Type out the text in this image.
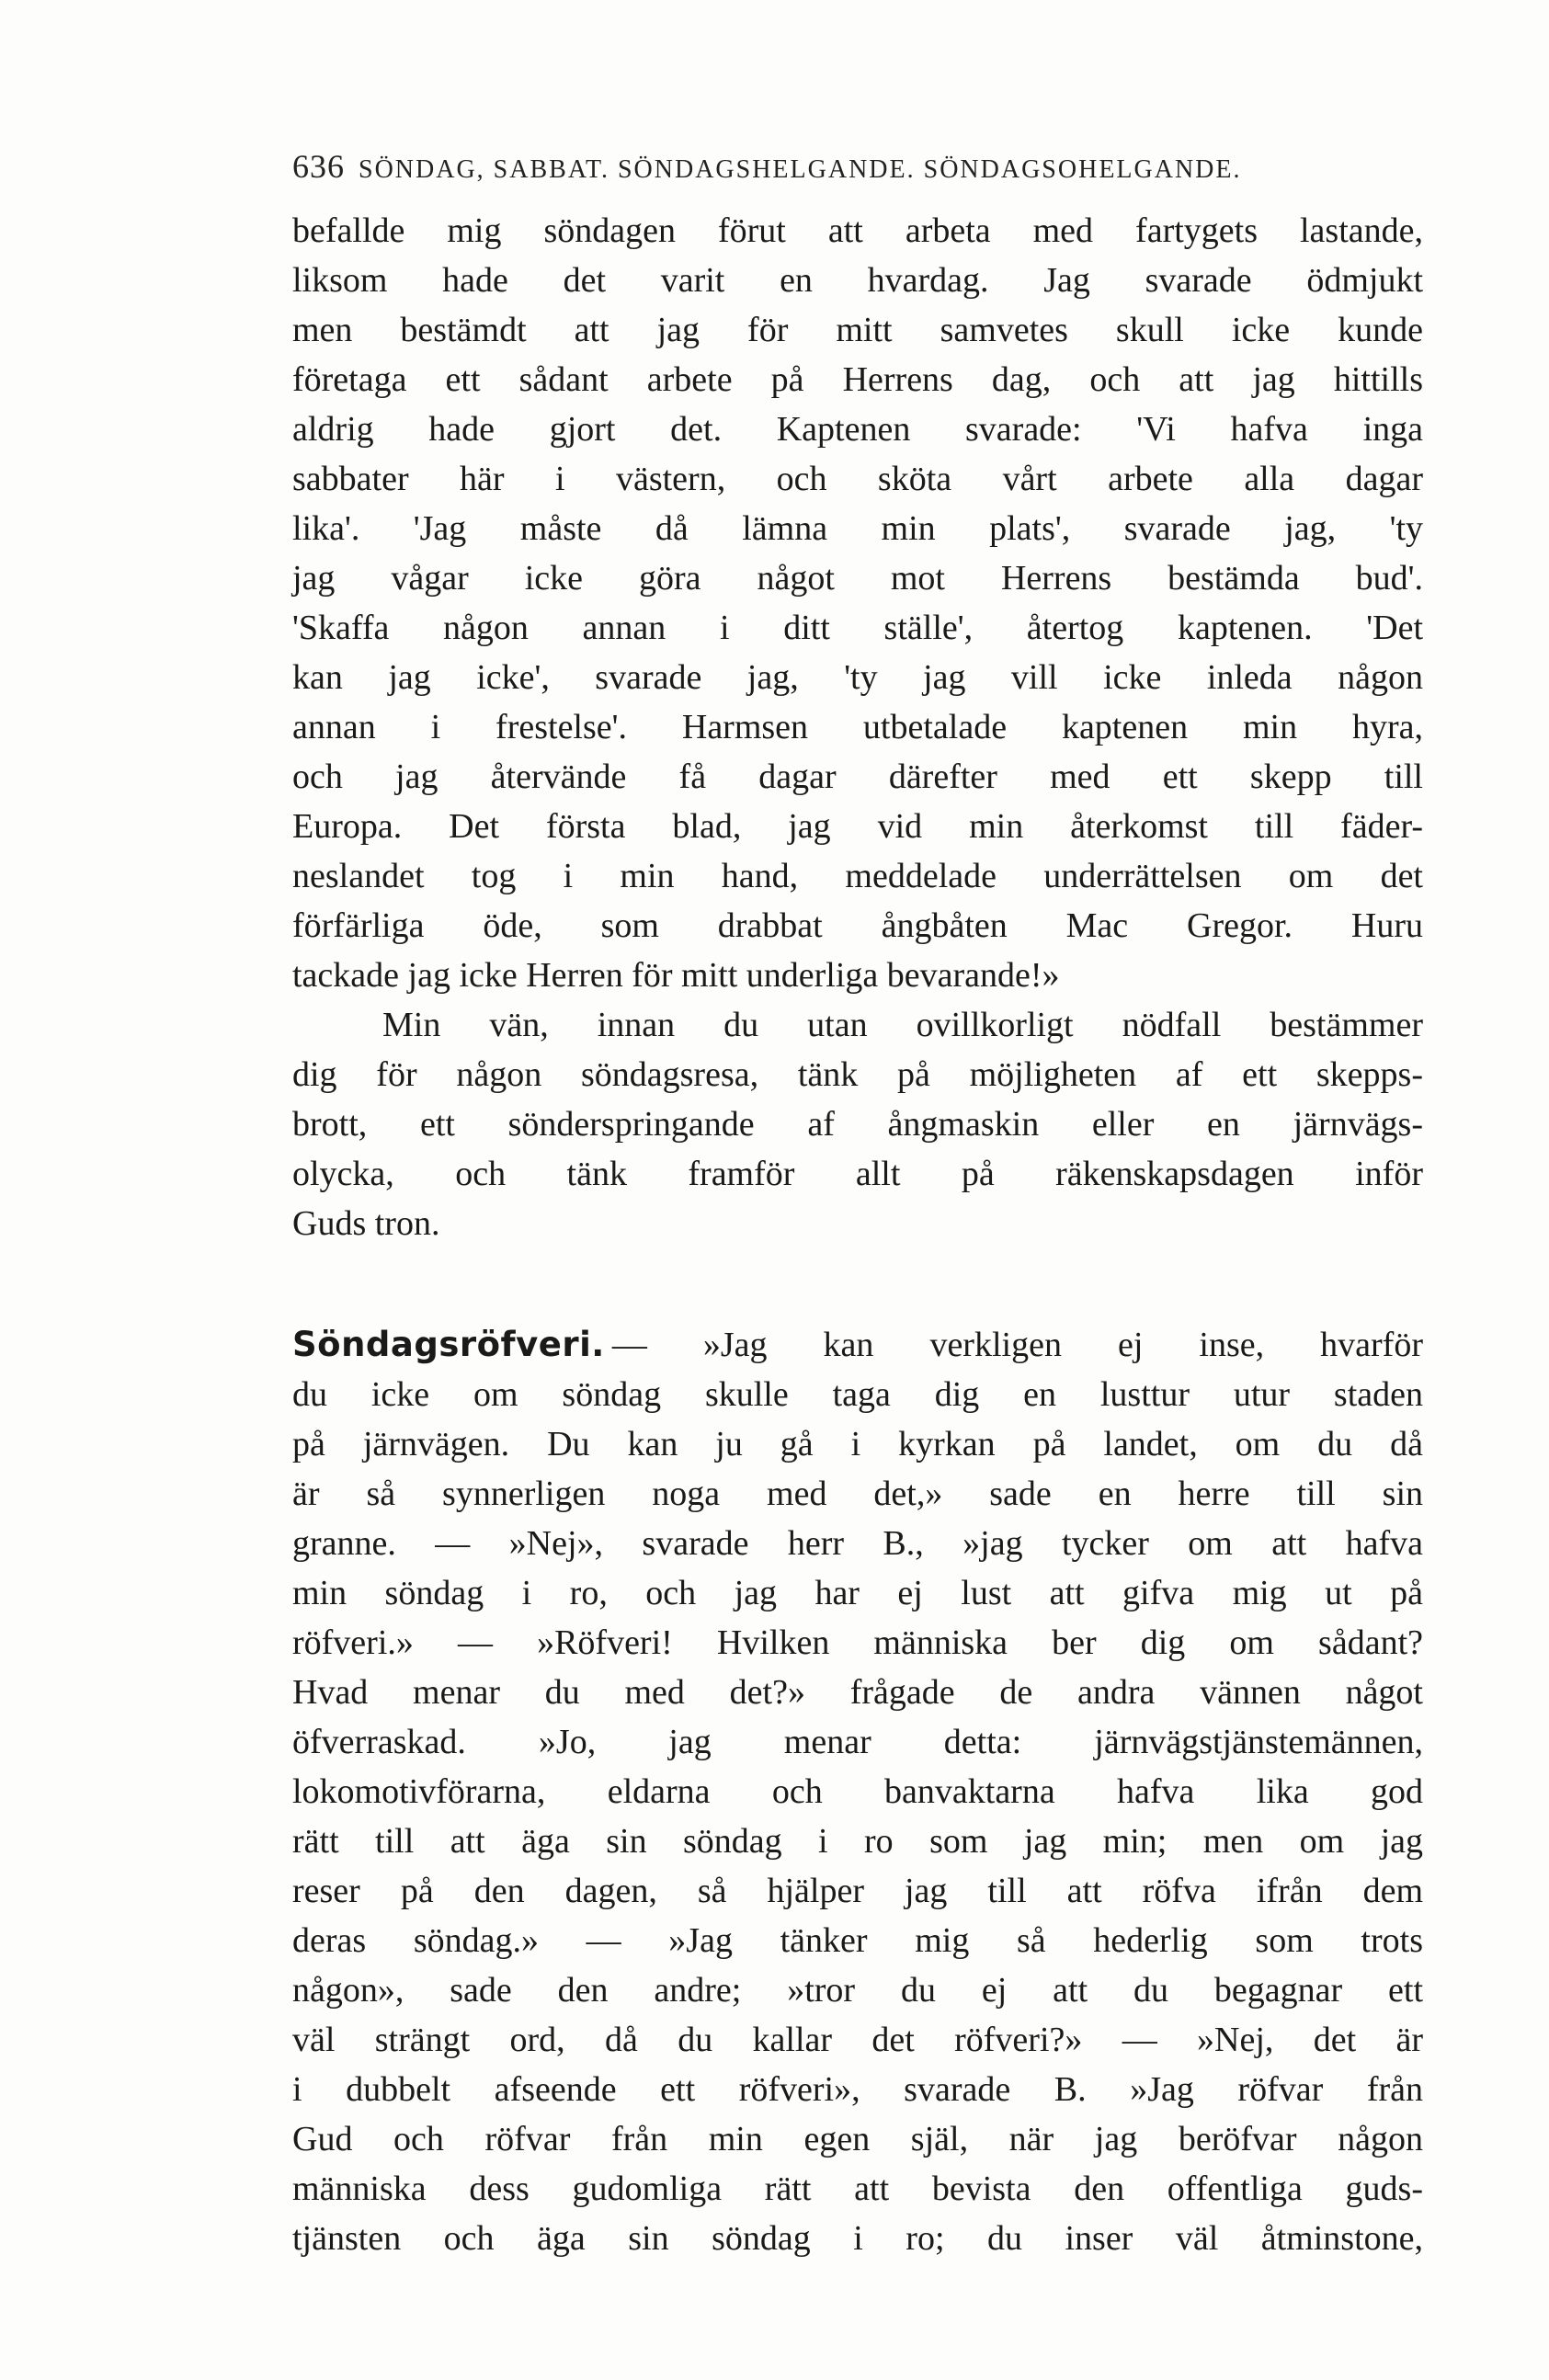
636 SÖNDAG, SABBAT. SÖNDAGSHELGANDE. SÖNDAGSOHELGANDE.
befallde mig söndagen förut att arbeta med fartygets lastande,
liksom hade det varit en hvardag. Jag svarade ödmjukt
men bestämdt att jag för mitt samvetes skull icke kunde
företaga ett sådant arbete på Herrens dag, och att jag hittills
aldrig hade gjort det. Kaptenen svarade: 'Vi hafva inga
sabbater här i västern, och sköta vårt arbete alla dagar
lika'. 'Jag måste då lämna min plats', svarade jag, 'ty
jag vågar icke göra något mot Herrens bestämda bud'.
'Skaffa någon annan i ditt ställe', återtog kaptenen. 'Det
kan jag icke', svarade jag, 'ty jag vill icke inleda någon
annan i frestelse'. Harmsen utbetalade kaptenen min hyra,
och jag återvände få dagar därefter med ett skepp till
Europa. Det första blad, jag vid min återkomst till fäder-
neslandet tog i min hand, meddelade underrättelsen om det
förfärliga öde, som drabbat ångbåten Mac Gregor. Huru
tackade jag icke Herren för mitt underliga bevarande!»
Min vän, innan du utan ovillkorligt nödfall bestämmer
dig för någon söndagsresa, tänk på möjligheten af ett skepps-
brott, ett sönderspringande af ångmaskin eller en järnvägs-
olycka, och tänk framför allt på räkenskapsdagen inför
Guds tron.
Söndagsröfveri. — »Jag kan verkligen ej inse, hvarför
du icke om söndag skulle taga dig en lusttur utur staden
på järnvägen. Du kan ju gå i kyrkan på landet, om du då
är så synnerligen noga med det,» sade en herre till sin
granne. — »Nej», svarade herr B., »jag tycker om att hafva
min söndag i ro, och jag har ej lust att gifva mig ut på
röfveri.» — »Röfveri! Hvilken människa ber dig om sådant?
Hvad menar du med det?» frågade de andra vännen något
öfverraskad. »Jo, jag menar detta: järnvägstjänstemännen,
lokomotivförarna, eldarna och banvaktarna hafva lika god
rätt till att äga sin söndag i ro som jag min; men om jag
reser på den dagen, så hjälper jag till att röfva ifrån dem
deras söndag.» — »Jag tänker mig så hederlig som trots
någon», sade den andre; »tror du ej att du begagnar ett
väl strängt ord, då du kallar det röfveri?» — »Nej, det är
i dubbelt afseende ett röfveri», svarade B. »Jag röfvar från
Gud och röfvar från min egen själ, när jag beröfvar någon
människa dess gudomliga rätt att bevista den offentliga guds-
tjänsten och äga sin söndag i ro; du inser väl åtminstone,
